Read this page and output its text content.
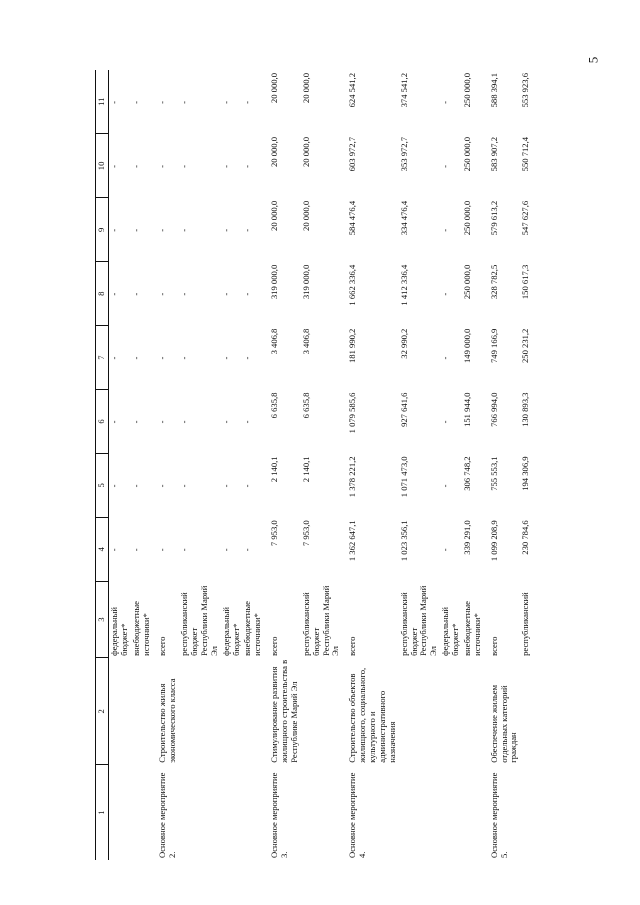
5
1	2	3	4	5	6	7	8	9	10	11
		федеральный бюджет*	-	-	-	-	-	-	-	-
		внебюджетные источники*	-	-	-	-	-	-	-	-
Основное мероприятие 2.	Строительство жилья экономического класса	всего	-	-	-	-	-	-	-	-
		республиканский бюджет Республики Марий Эл	-	-	-	-	-	-	-	-
		федеральный бюджет*	-	-	-	-	-	-	-	-
		внебюджетные источники*	-	-	-	-	-	-	-	-
Основное мероприятие 3.	Стимулирование развития жилищного строительства в Республике Марий Эл	всего	7 953,0	2 140,1	6 635,8	3 406,8	319 000,0	20 000,0	20 000,0	20 000,0
		республиканский бюджет Республики Марий Эл	7 953,0	2 140,1	6 635,8	3 406,8	319 000,0	20 000,0	20 000,0	20 000,0
Основное мероприятие 4.	Строительство объектов жилищного, социального, культурного и административного назначения	всего	1 362 647,1	1 378 221,2	1 079 585,6	181 990,2	1 662 336,4	584 476,4	603 972,7	624 541,2
		республиканский бюджет Республики Марий Эл	1 023 356,1	1 071 473,0	927 641,6	32 990,2	1 412 336,4	334 476,4	353 972,7	374 541,2
		федеральный бюджет*	-	-	-	-	-	-	-	-
		внебюджетные источники*	339 291,0	306 748,2	151 944,0	149 000,0	250 000,0	250 000,0	250 000,0	250 000,0
Основное мероприятие 5.	Обеспечение жильем отдельных категорий граждан	всего	1 099 208,9	755 553,1	766 994,0	749 166,9	328 782,5	579 613,2	583 907,2	588 394,1
		республиканский	230 784,6	194 306,9	130 893,3	250 231,2	150 617,3	547 627,6	550 712,4	553 923,6
